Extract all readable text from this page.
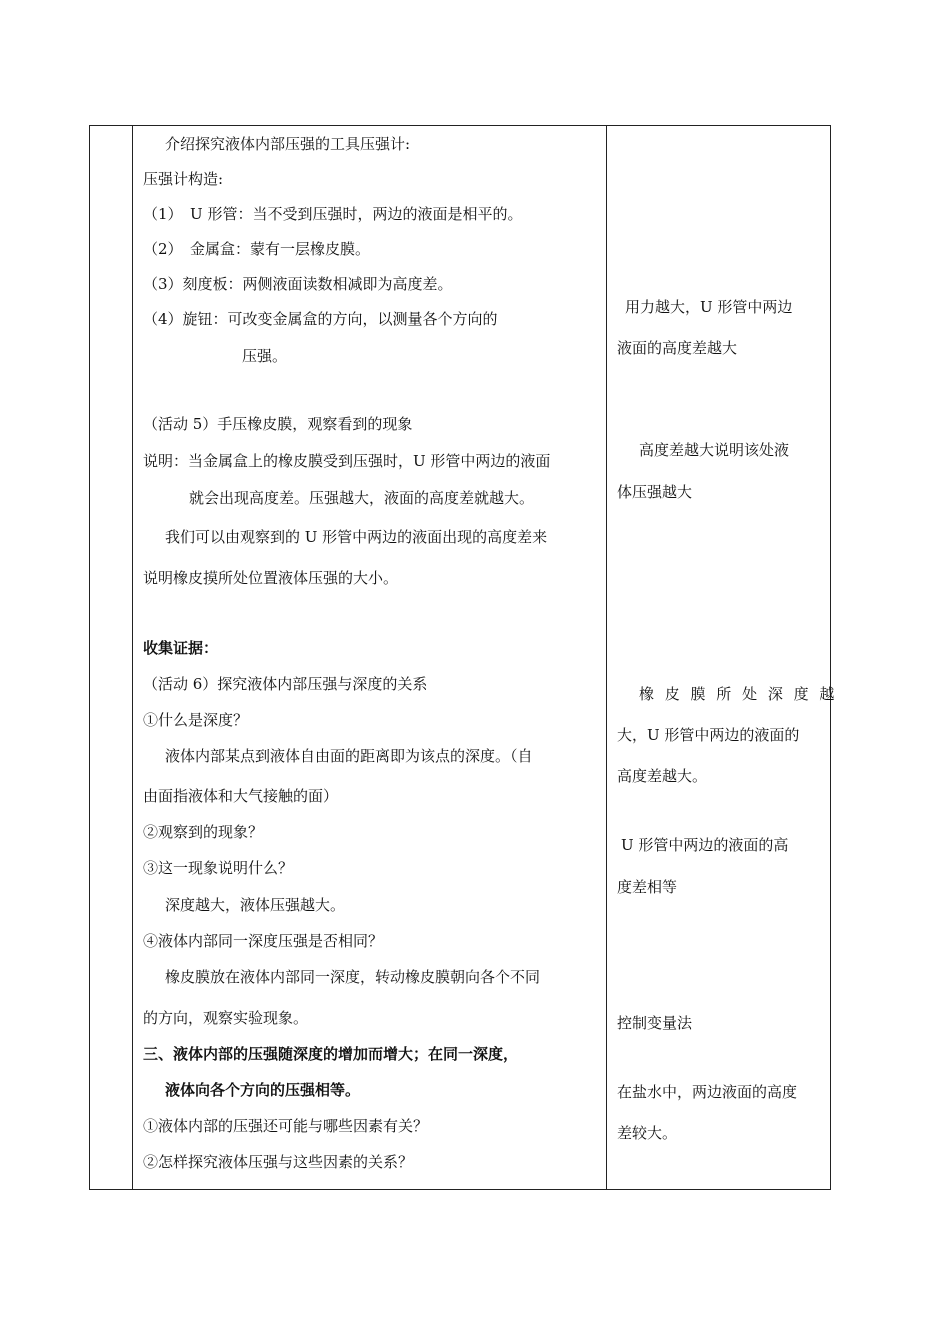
介绍探究液体内部压强的工具压强计:
压强计构造:
（1）　U 形管：当不受到压强时，两边的液面是相平的。
（2）　金属盒：蒙有一层橡皮膜。
（3）刻度板：两侧液面读数相减即为高度差。
（4）旋钮：可改变金属盒的方向，以测量各个方向的
压强。
（活动 5）手压橡皮膜，观察看到的现象
说明：当金属盒上的橡皮膜受到压强时，U 形管中两边的液面
就会出现高度差。压强越大，液面的高度差就越大。
我们可以由观察到的 U 形管中两边的液面出现的高度差来
说明橡皮摸所处位置液体压强的大小。
收集证据：
（活动 6）探究液体内部压强与深度的关系
①什么是深度？
液体内部某点到液体自由面的距离即为该点的深度。（自
由面指液体和大气接触的面）
②观察到的现象？
③这一现象说明什么？
深度越大，液体压强越大。
④液体内部同一深度压强是否相同？
橡皮膜放在液体内部同一深度，转动橡皮膜朝向各个不同
的方向，观察实验现象。
三、液体内部的压强随深度的增加而增大；在同一深度，
液体向各个方向的压强相等。
①液体内部的压强还可能与哪些因素有关？
②怎样探究液体压强与这些因素的关系？
用力越大，U 形管中两边
液面的高度差越大
高度差越大说明该处液
体压强越大
橡 皮 膜 所 处 深 度 越
大，U 形管中两边的液面的
高度差越大。
U 形管中两边的液面的高
度差相等
控制变量法
在盐水中，两边液面的高度
差较大。
